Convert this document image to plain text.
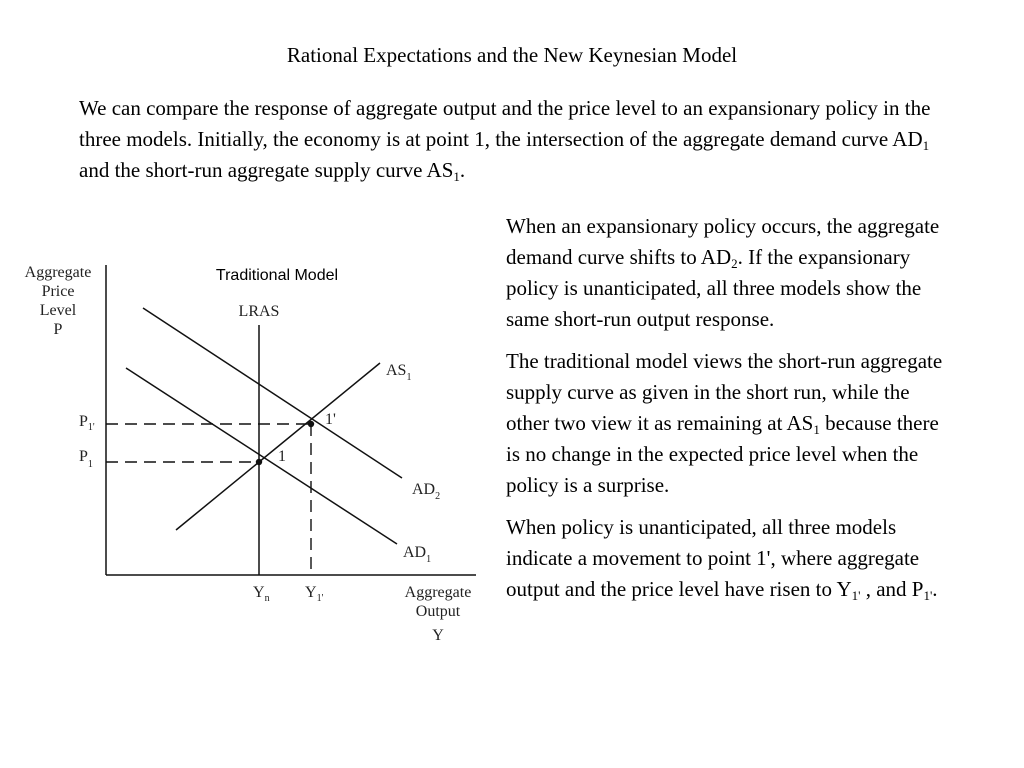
Rational Expectations and the New Keynesian Model

We can compare the response of aggregate output and the price level to an expansionary policy in the three models. Initially, the economy is at point 1, the intersection of the aggregate demand curve $AD_1$ and the short-run aggregate supply curve $AS_1$.

When an expansionary policy occurs, the aggregate demand curve shifts to $AD_2$. If the expansionary policy is unanticipated, all three models show the same short-run output response.

The traditional model views the short-run aggregate supply curve as given in the short run, while the other two view it as remaining at $AS_1$ because there is no change in the expected price level when the policy is a surprise.

When policy is unanticipated, all three models indicate a movement to point 1', where aggregate output and the price level have risen to $Y_{1'}$ , and $P_{1'}$.

Traditional Model
Aggregate
Price
Level
P
Aggregate
Output
Y
LRAS
$AS_1$
$AD_2$
$AD_1$
1
1'
$P_{1'}$
$P_1$
$Y_n$ $Y_{1'}$
